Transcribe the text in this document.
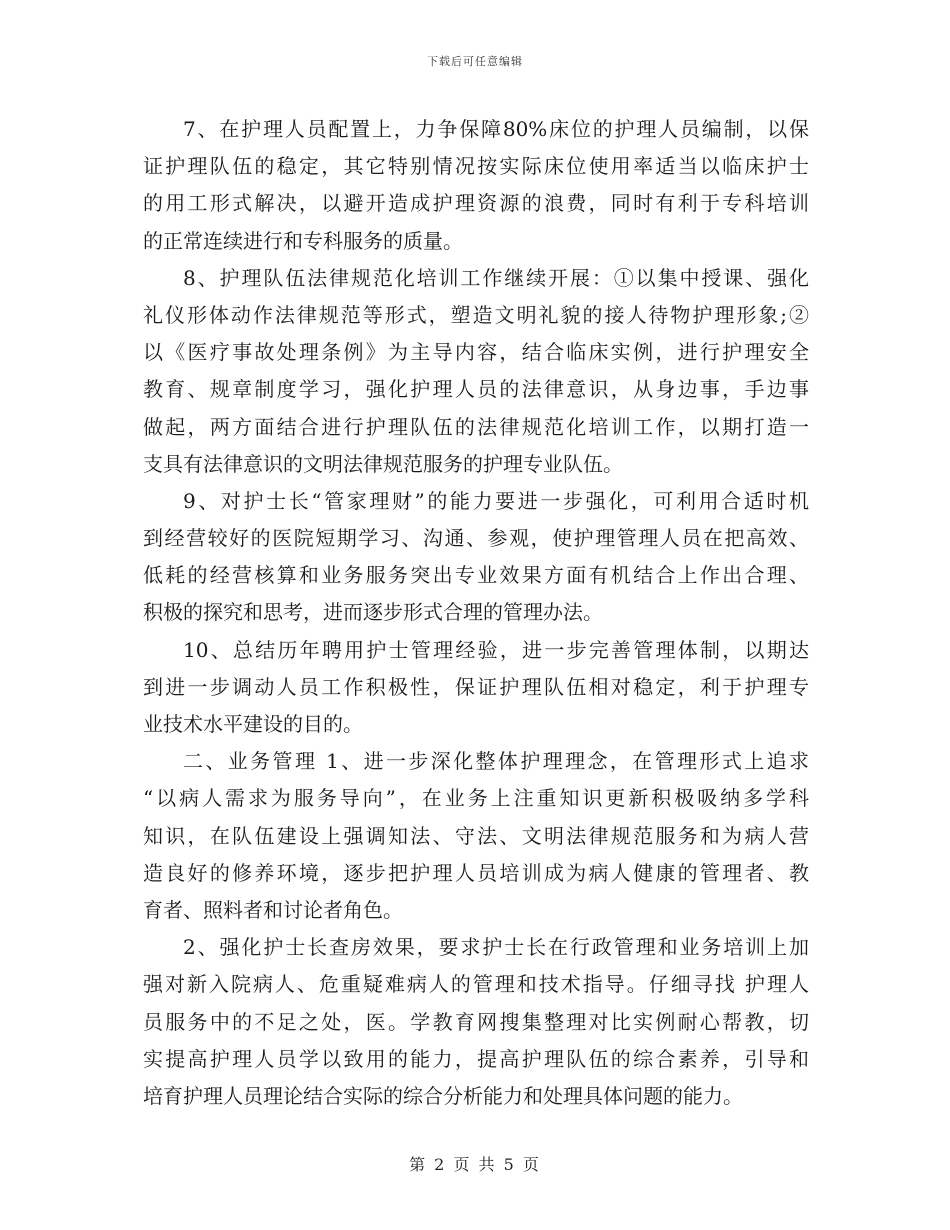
下载后可任意编辑
7、在护理人员配置上，力争保障80%床位的护理人员编制，以保
证护理队伍的稳定，其它特别情况按实际床位使用率适当以临床护士
的用工形式解决，以避开造成护理资源的浪费，同时有利于专科培训
的正常连续进行和专科服务的质量。
8、护理队伍法律规范化培训工作继续开展：①以集中授课、强化
礼仪形体动作法律规范等形式，塑造文明礼貌的接人待物护理形象;②
以《医疗事故处理条例》为主导内容，结合临床实例，进行护理安全
教育、规章制度学习，强化护理人员的法律意识，从身边事，手边事
做起，两方面结合进行护理队伍的法律规范化培训工作，以期打造一
支具有法律意识的文明法律规范服务的护理专业队伍。
9、对护士长“管家理财”的能力要进一步强化，可利用合适时机
到经营较好的医院短期学习、沟通、参观，使护理管理人员在把高效、
低耗的经营核算和业务服务突出专业效果方面有机结合上作出合理、
积极的探究和思考，进而逐步形式合理的管理办法。
10、总结历年聘用护士管理经验，进一步完善管理体制，以期达
到进一步调动人员工作积极性，保证护理队伍相对稳定，利于护理专
业技术水平建设的目的。
二、业务管理 1、进一步深化整体护理理念，在管理形式上追求
“以病人需求为服务导向”，在业务上注重知识更新积极吸纳多学科
知识，在队伍建设上强调知法、守法、文明法律规范服务和为病人营
造良好的修养环境，逐步把护理人员培训成为病人健康的管理者、教
育者、照料者和讨论者角色。
2、强化护士长查房效果，要求护士长在行政管理和业务培训上加
强对新入院病人、危重疑难病人的管理和技术指导。仔细寻找 护理人
员服务中的不足之处，医。学教育网搜集整理对比实例耐心帮教，切
实提高护理人员学以致用的能力，提高护理队伍的综合素养，引导和
培育护理人员理论结合实际的综合分析能力和处理具体问题的能力。
第 2 页 共 5 页
